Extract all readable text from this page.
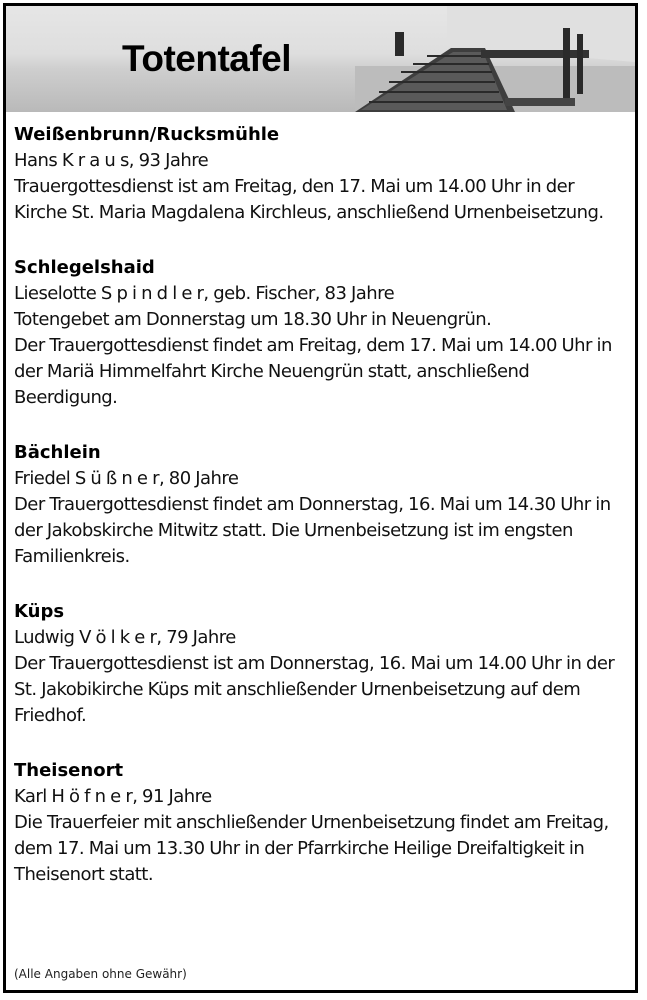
Totentafel
Weißenbrunn/Rucksmühle

Hans K r a u s, 93 Jahre

Trauergottesdienst ist am Freitag, den 17. Mai um 14.00 Uhr in der Kirche St. Maria Magdalena Kirchleus, anschließend Urnenbeisetzung.

Schlegelshaid

Lieselotte S p i n d l e r, geb. Fischer, 83 Jahre

Totengebet am Donnerstag um 18.30 Uhr in Neuengrün.

Der Trauergottesdienst findet am Freitag, dem 17. Mai um 14.00 Uhr in der Mariä Himmelfahrt Kirche Neuengrün statt, anschließend Beerdigung.

Bächlein

Friedel S ü ß n e r, 80 Jahre

Der Trauergottesdienst findet am Donnerstag, 16. Mai um 14.30 Uhr in der Jakobskirche Mitwitz statt. Die Urnenbeisetzung ist im engsten Familienkreis.

Küps

Ludwig V ö l k e r, 79 Jahre

Der Trauergottesdienst ist am Donnerstag, 16. Mai um 14.00 Uhr in der St. Jakobikirche Küps mit anschließender Urnenbeisetzung auf dem Friedhof.

Theisenort

Karl H ö f n e r, 91 Jahre

Die Trauerfeier mit anschließender Urnenbeisetzung findet am Freitag, dem 17. Mai um 13.30 Uhr in der Pfarrkirche Heilige Dreifaltigkeit in Theisenort statt.

(Alle Angaben ohne Gewähr)
